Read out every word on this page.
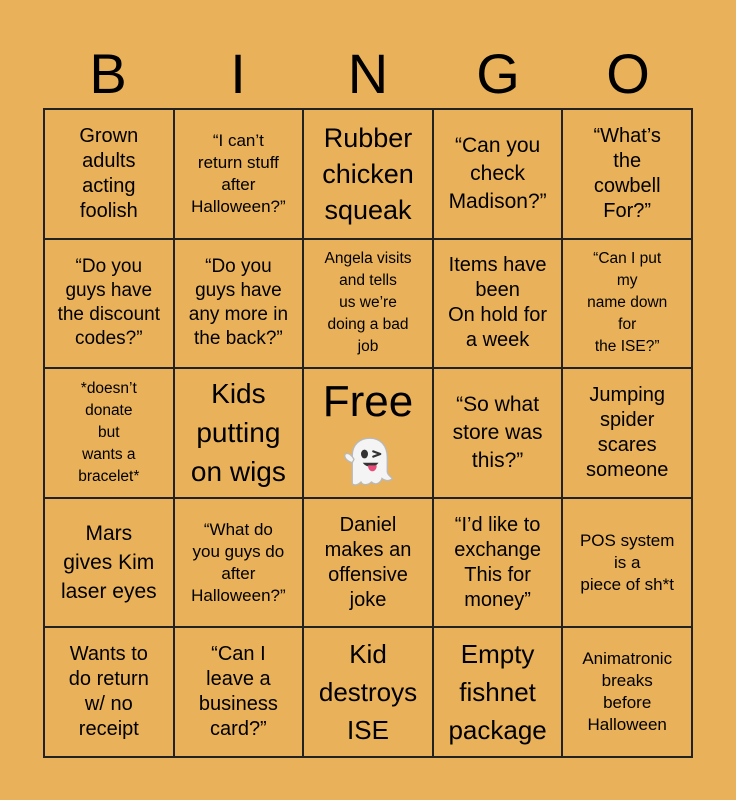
B	I	N	G	O
Grown
adults
acting
foolish
“I can’t
return stuff
after
Halloween?”
Rubber
chicken
squeak
“Can you
check
Madison?”
“What’s
the
cowbell
For?”
“Do you
guys have
the discount
codes?”
“Do you
guys have
any more in
the back?”
Angela visits
and tells
us we’re
doing a bad
job
Items have
been
On hold for
a week
“Can I put
my
name down
for
the ISE?”
*doesn’t
donate
but
wants a
bracelet*
Kids
putting
on wigs
Free	“So what
store was
this?”
Jumping
spider
scares
someone
Mars
gives Kim
laser eyes
“What do
you guys do
after
Halloween?”
Daniel
makes an
offensive
joke
“I’d like to
exchange
This for
money”
POS system
is a
piece of sh*t
Wants to
do return
w/ no
receipt
“Can I
leave a
business
card?”
Kid
destroys
ISE
Empty
fishnet
package
Animatronic
breaks
before
Halloween
